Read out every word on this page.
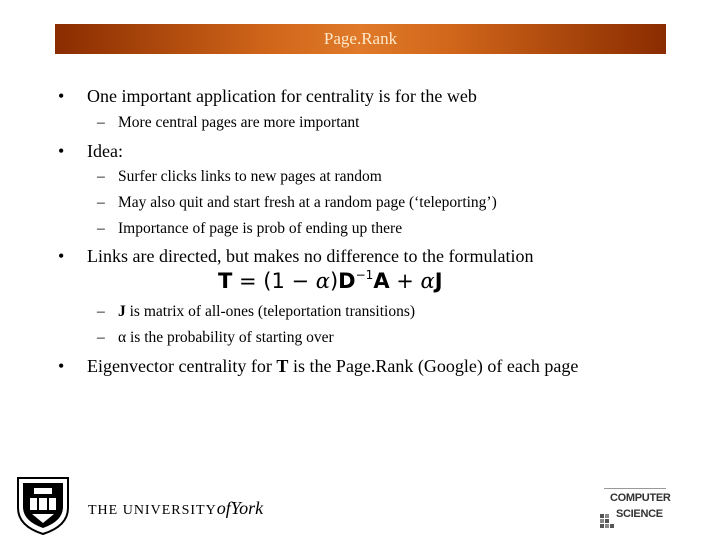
Page.Rank
• One important application for centrality is for the web
– More central pages are more important
• Idea:
– Surfer clicks links to new pages at random
– May also quit and start fresh at a random page (‘teleporting’)
– Importance of page is prob of ending up there
• Links are directed, but makes no difference to the formulation
$T = (1 - \alpha)D^{-1}A + \alpha J$
– J is matrix of all-ones (teleportation transitions)
– α is the probability of starting over
• Eigenvector centrality for T is the Page.Rank (Google) of each page
THE UNIVERSITYofYork	COMPUTER
SCIENCE
